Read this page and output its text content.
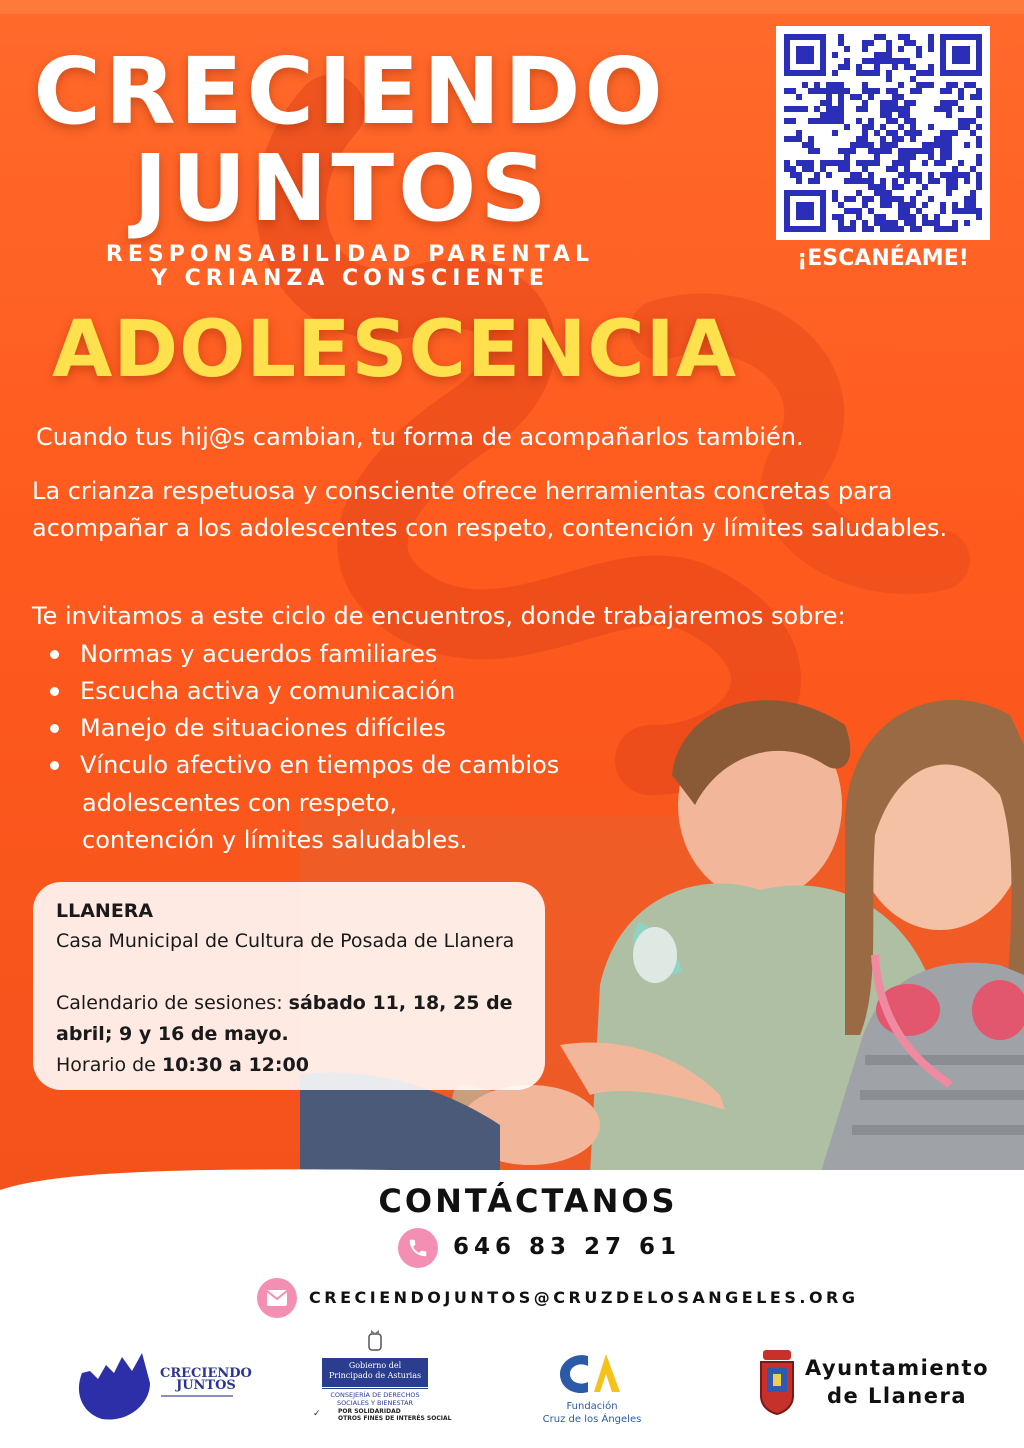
CRECIENDO
JUNTOS
RESPONSABILIDAD PARENTAL
Y CRIANZA CONSCIENTE
ADOLESCENCIA
¡ESCANÉAME!
Cuando tus hij@s cambian, tu forma de acompañarlos también.
La crianza respetuosa y consciente ofrece herramientas concretas para acompañar a los adolescentes con respeto, contención y límites saludables.
Te invitamos a este ciclo de encuentros, donde trabajaremos sobre:
Normas y acuerdos familiares
Escucha activa y comunicación
Manejo de situaciones difíciles
Vínculo afectivo en tiempos de cambios
adolescentes con respeto,
contención y límites saludables.
LLANERA
Casa Municipal de Cultura de Posada de Llanera
Calendario de sesiones: sábado 11, 18, 25 de abril; 9 y 16 de mayo.
Horario de 10:30 a 12:00
CONTÁCTANOS
646 83 27 61
CRECIENDOJUNTOS@CRUZDELOSANGELES.ORG
CRECIENDO
JUNTOS
Gobierno del
Principado de Asturias
CONSEJERÍA DE DERECHOS
SOCIALES Y BIENESTAR
✓	POR SOLIDARIDAD
OTROS FINES DE INTERÉS SOCIAL
Fundación
Cruz de los Ángeles
Ayuntamiento
de Llanera
